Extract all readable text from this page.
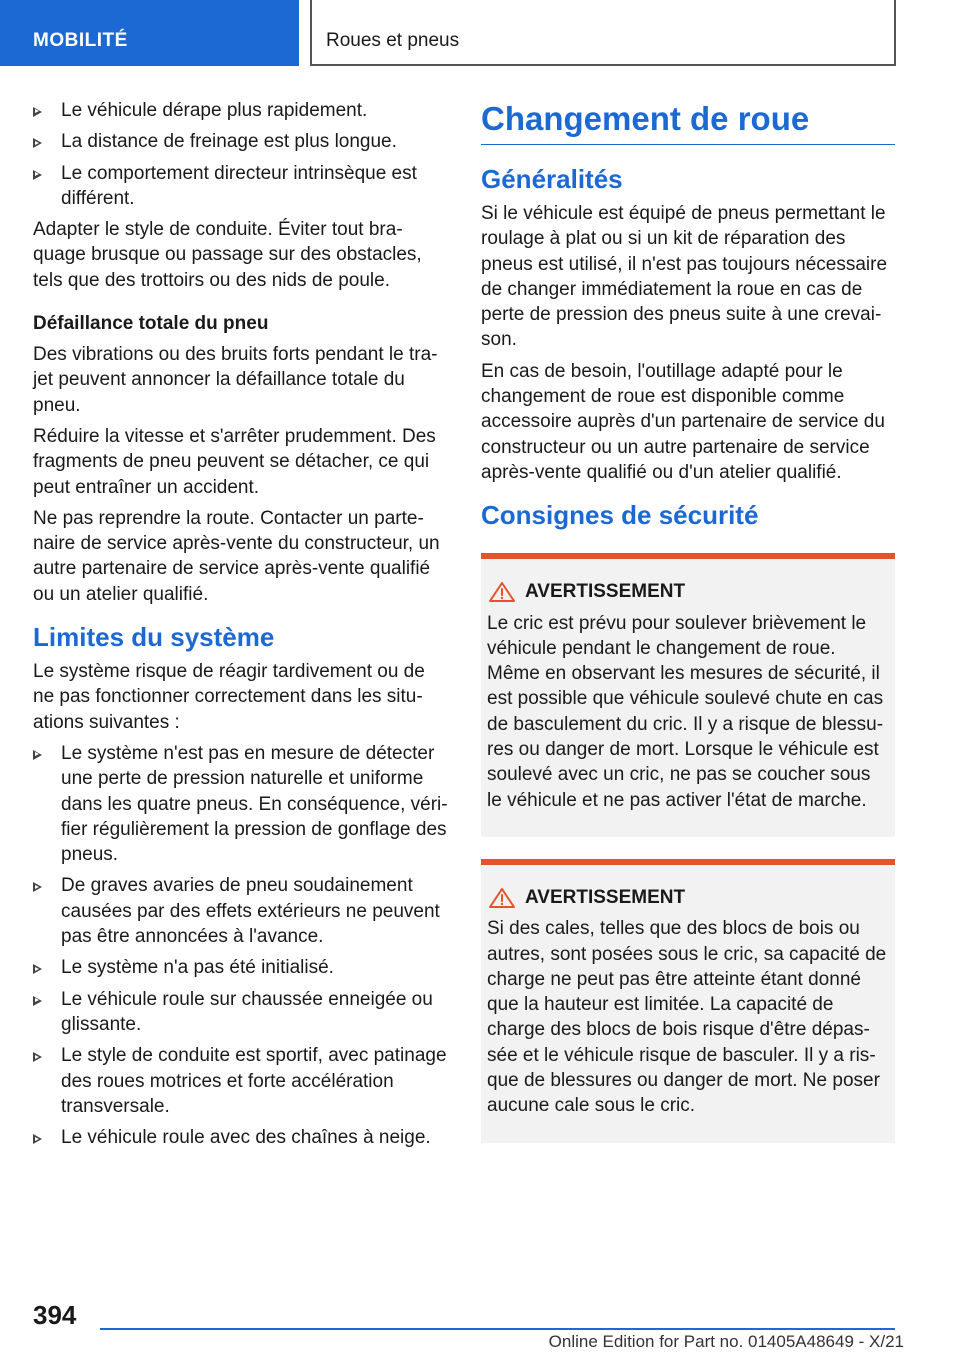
MOBILITÉ	Roues et pneus
Le véhicule dérape plus rapidement.
La distance de freinage est plus longue.
Le comportement directeur intrinsèque est différent.

Adapter le style de conduite. Éviter tout braquage brusque ou passage sur des obstacles, tels que des trottoirs ou des nids de poule.

Défaillance totale du pneu

Des vibrations ou des bruits forts pendant le trajet peuvent annoncer la défaillance totale du pneu.

Réduire la vitesse et s'arrêter prudemment. Des fragments de pneu peuvent se détacher, ce qui peut entraîner un accident.

Ne pas reprendre la route. Contacter un partenaire de service après-vente du constructeur, un autre partenaire de service après-vente qualifié ou un atelier qualifié.

Limites du système

Le système risque de réagir tardivement ou de ne pas fonctionner correctement dans les situations suivantes :

Le système n'est pas en mesure de détecter une perte de pression naturelle et uniforme dans les quatre pneus. En conséquence, vérifier régulièrement la pression de gonflage des pneus.
De graves avaries de pneu soudainement causées par des effets extérieurs ne peuvent pas être annoncées à l'avance.
Le système n'a pas été initialisé.
Le véhicule roule sur chaussée enneigée ou glissante.
Le style de conduite est sportif, avec patinage des roues motrices et forte accélération transversale.
Le véhicule roule avec des chaînes à neige.
Changement de roue
Généralités

Si le véhicule est équipé de pneus permettant le roulage à plat ou si un kit de réparation des pneus est utilisé, il n'est pas toujours nécessaire de changer immédiatement la roue en cas de perte de pression des pneus suite à une crevaison.

En cas de besoin, l'outillage adapté pour le changement de roue est disponible comme accessoire auprès d'un partenaire de service du constructeur ou un autre partenaire de service après-vente qualifié ou d'un atelier qualifié.

Consignes de sécurité
AVERTISSEMENT
Le cric est prévu pour soulever brièvement le véhicule pendant le changement de roue. Même en observant les mesures de sécurité, il est possible que véhicule soulevé chute en cas de basculement du cric. Il y a risque de blessures ou danger de mort. Lorsque le véhicule est soulevé avec un cric, ne pas se coucher sous le véhicule et ne pas activer l'état de marche.
AVERTISSEMENT
Si des cales, telles que des blocs de bois ou autres, sont posées sous le cric, sa capacité de charge ne peut pas être atteinte étant donné que la hauteur est limitée. La capacité de charge des blocs de bois risque d'être dépassée et le véhicule risque de basculer. Il y a risque de blessures ou danger de mort. Ne poser aucune cale sous le cric.
394
Online Edition for Part no. 01405A48649 - X/21
